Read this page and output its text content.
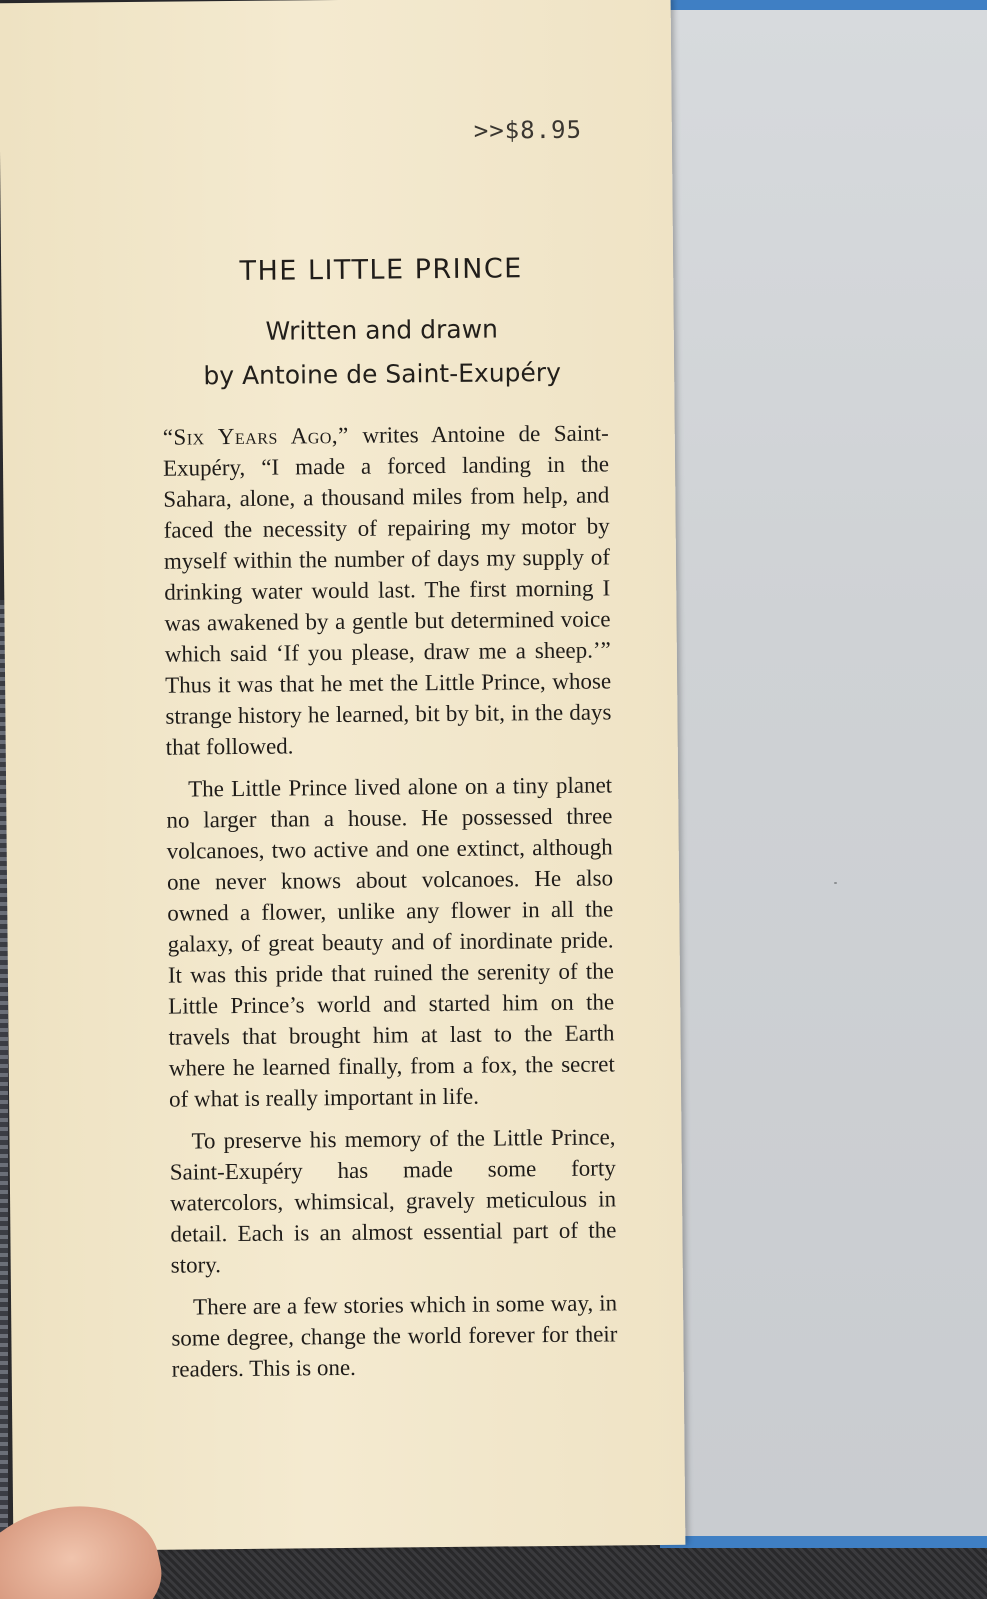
>>$8.95
THE LITTLE PRINCE
Written and drawn
by Antoine de Saint-Exupéry

“Six Years Ago,” writes Antoine de Saint-Exupéry, “I made a forced landing in the Sahara, alone, a thousand miles from help, and faced the necessity of repairing my motor by myself within the number of days my supply of drinking water would last. The first morning I was awakened by a gentle but determined voice which said ‘If you please, draw me a sheep.’” Thus it was that he met the Little Prince, whose strange history he learned, bit by bit, in the days that followed.

The Little Prince lived alone on a tiny planet no larger than a house. He possessed three volcanoes, two active and one extinct, although one never knows about volcanoes. He also owned a flower, unlike any flower in all the galaxy, of great beauty and of inordinate pride. It was this pride that ruined the serenity of the Little Prince’s world and started him on the travels that brought him at last to the Earth where he learned finally, from a fox, the secret of what is really important in life.

To preserve his memory of the Little Prince, Saint-Exupéry has made some forty watercolors, whimsical, gravely meticulous in detail. Each is an almost essential part of the story.

There are a few stories which in some way, in some degree, change the world forever for their readers. This is one.
